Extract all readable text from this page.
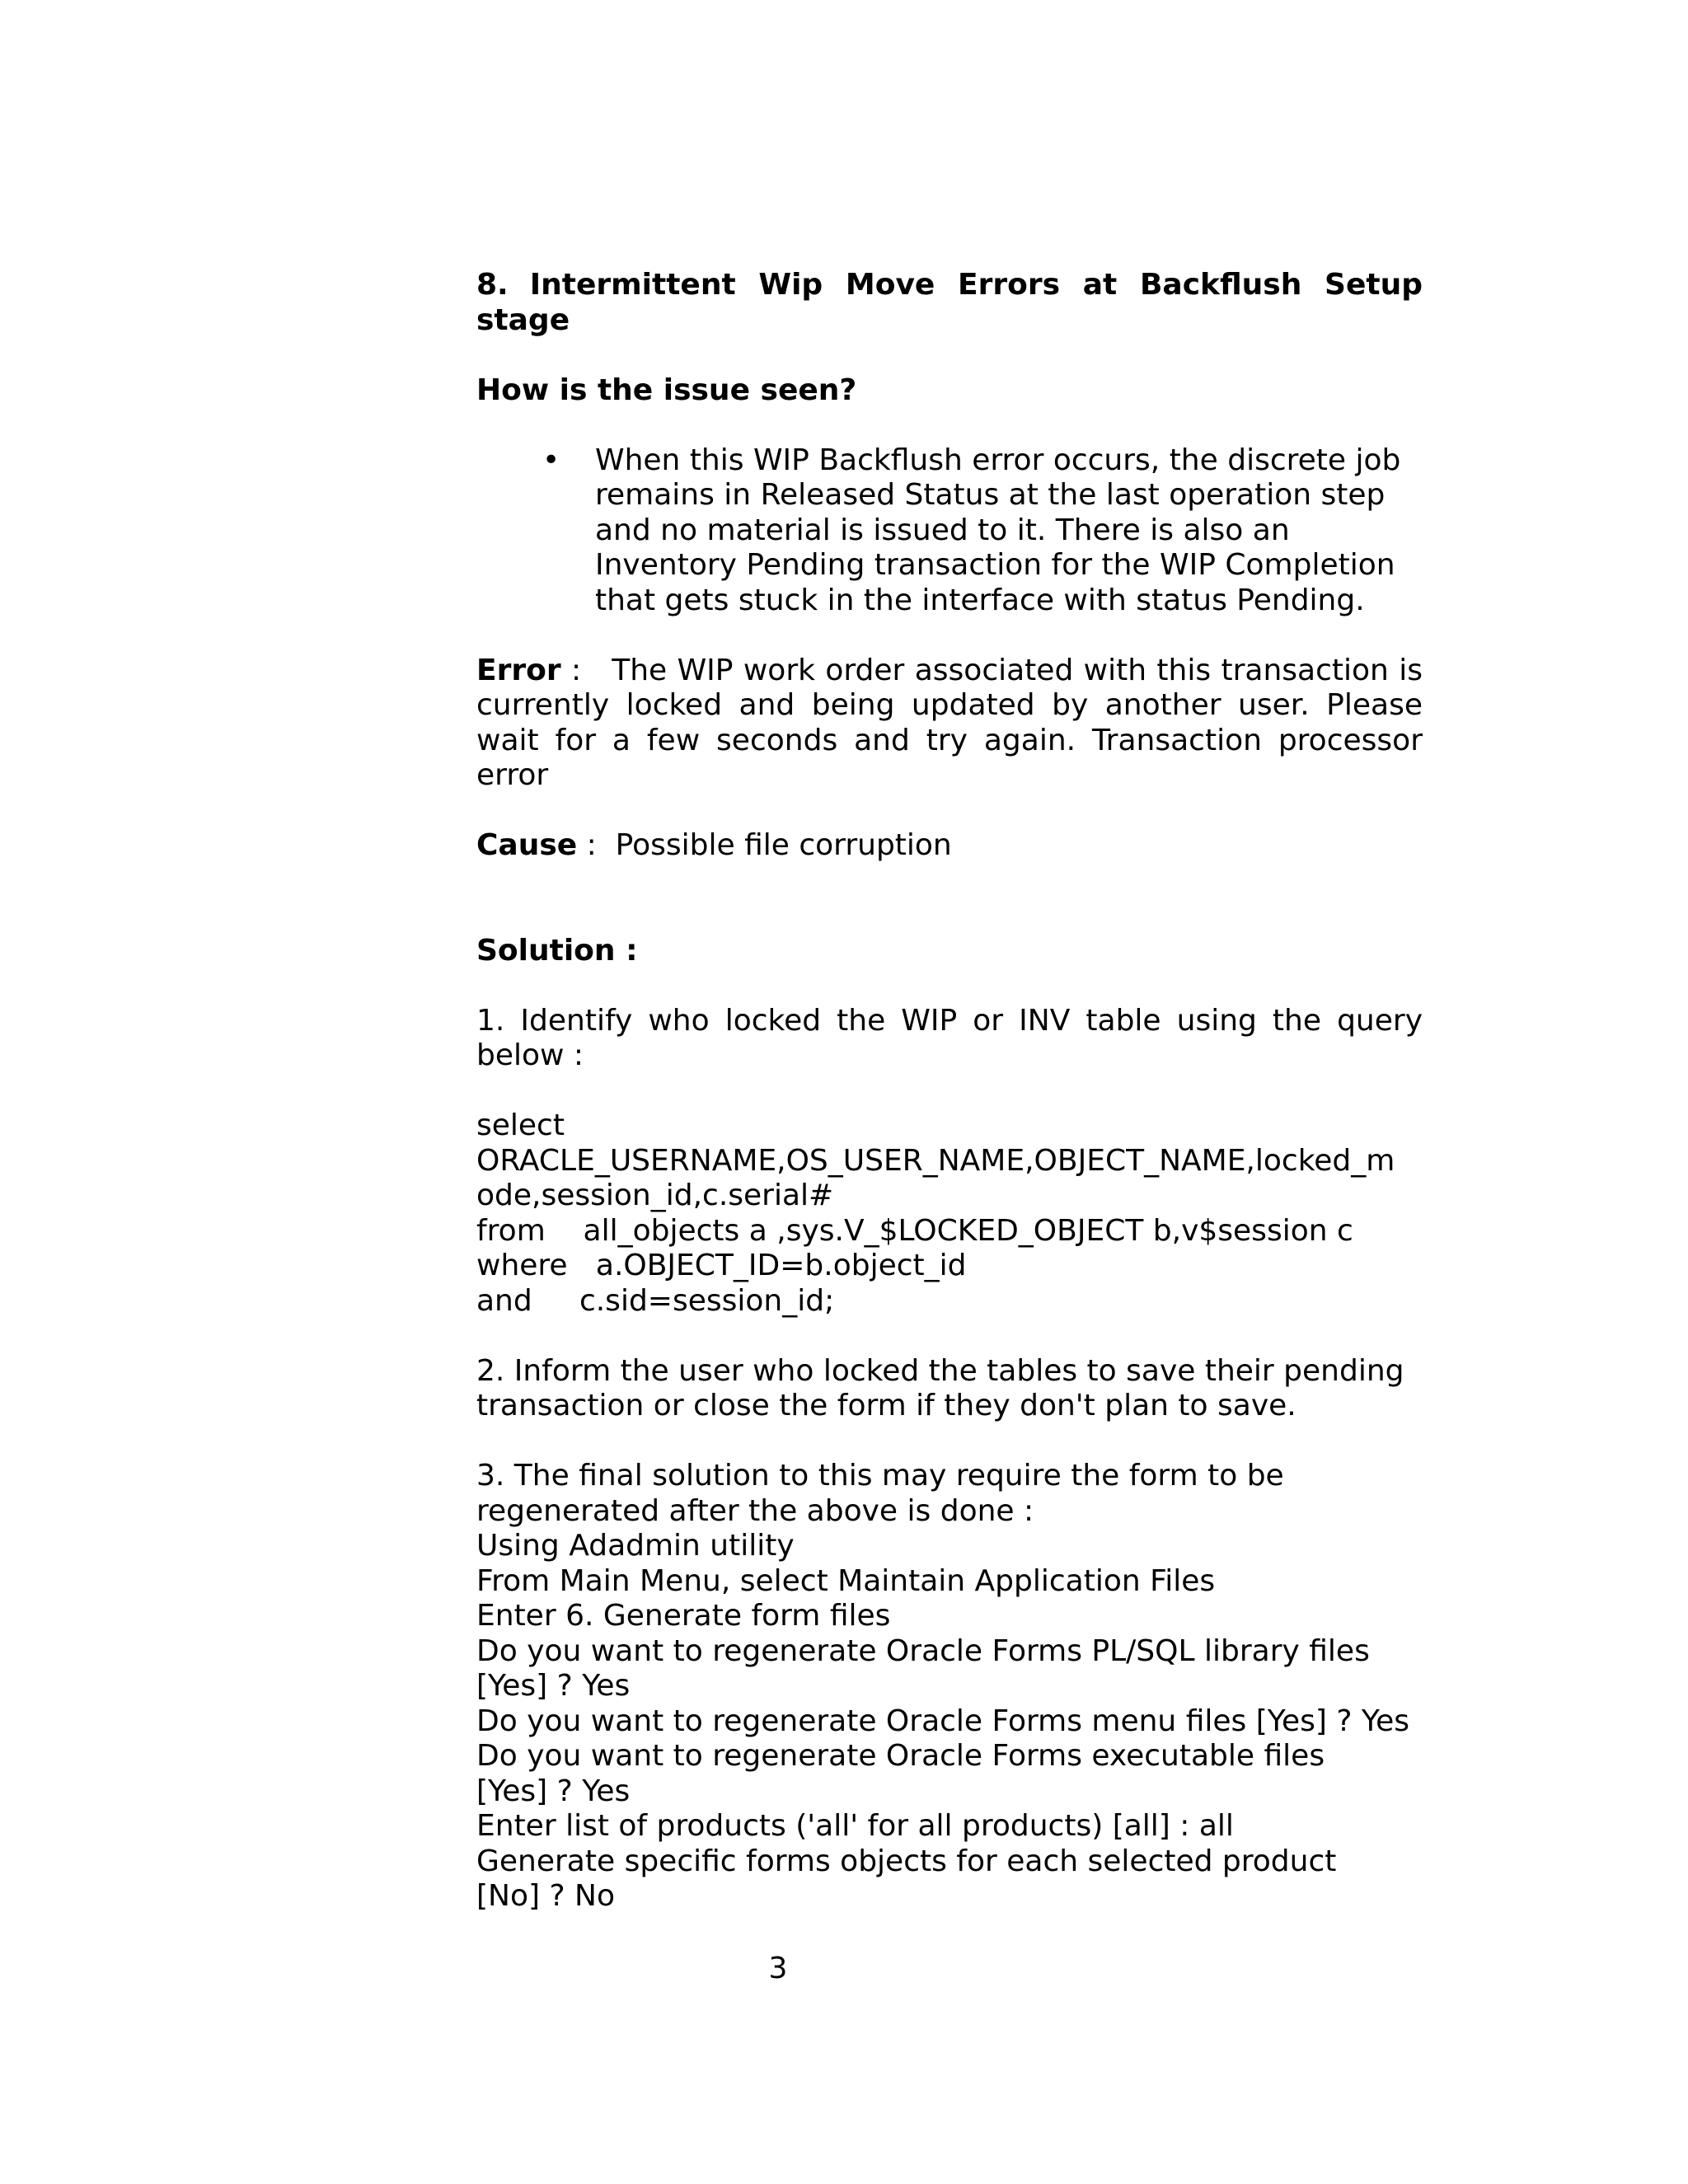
8. Intermittent Wip Move Errors at Backflush Setup stage

How is the issue seen?

•	When this WIP Backflush error occurs, the discrete job remains in Released Status at the last operation step and no material is issued to it. There is also an Inventory Pending transaction for the WIP Completion that gets stuck in the interface with status Pending.

Error :   The WIP work order associated with this transaction is currently locked and being updated by another user. Please wait for a few seconds and try again. Transaction processor error

Cause :  Possible file corruption

Solution :

1. Identify who locked the WIP or INV table using the query below :

select

ORACLE_USERNAME,OS_USER_NAME,OBJECT_NAME,locked_m

ode,session_id,c.serial#

from    all_objects a ,sys.V_$LOCKED_OBJECT b,v$session c

where   a.OBJECT_ID=b.object_id

and     c.sid=session_id;

2. Inform the user who locked the tables to save their pending transaction or close the form if they don't plan to save.

3. The final solution to this may require the form to be

regenerated after the above is done :

Using Adadmin utility

From Main Menu, select Maintain Application Files

Enter 6. Generate form files

Do you want to regenerate Oracle Forms PL/SQL library files

[Yes] ? Yes

Do you want to regenerate Oracle Forms menu files [Yes] ? Yes

Do you want to regenerate Oracle Forms executable files

[Yes] ? Yes

Enter list of products ('all' for all products) [all] : all

Generate specific forms objects for each selected product

[No] ? No

3
